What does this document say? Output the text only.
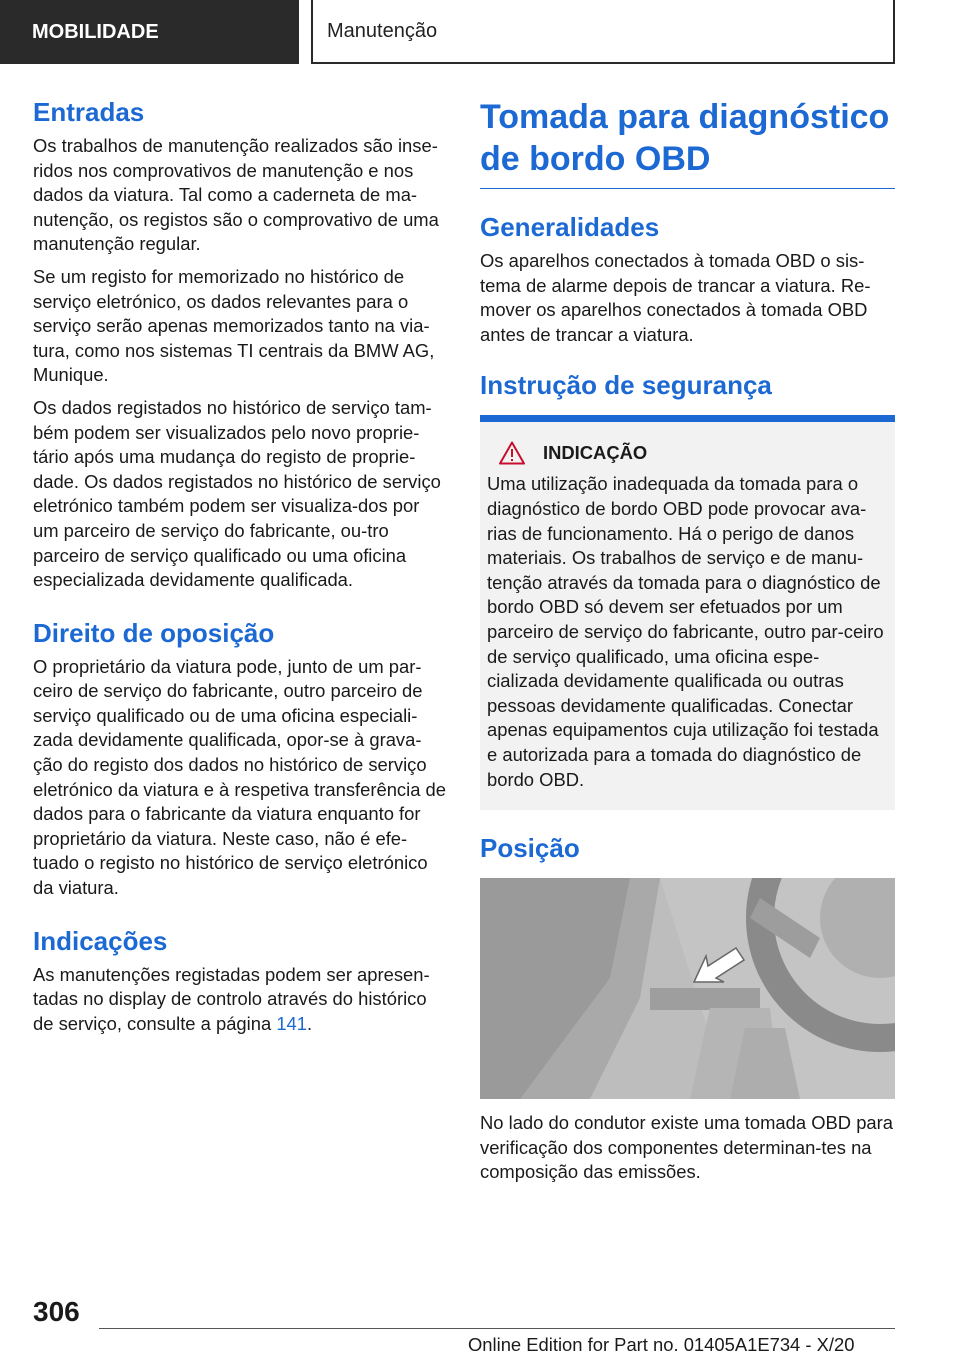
MOBILIDADE	Manutenção
Entradas

Os trabalhos de manutenção realizados são inse-ridos nos comprovativos de manutenção e nos dados da viatura. Tal como a caderneta de ma-nutenção, os registos são o comprovativo de uma manutenção regular.

Se um registo for memorizado no histórico de serviço eletrónico, os dados relevantes para o serviço serão apenas memorizados tanto na via-tura, como nos sistemas TI centrais da BMW AG, Munique.

Os dados registados no histórico de serviço tam-bém podem ser visualizados pelo novo proprie-tário após uma mudança do registo de proprie-dade. Os dados registados no histórico de serviço eletrónico também podem ser visualiza-dos por um parceiro de serviço do fabricante, ou-tro parceiro de serviço qualificado ou uma oficina especializada devidamente qualificada.

Direito de oposição

O proprietário da viatura pode, junto de um par-ceiro de serviço do fabricante, outro parceiro de serviço qualificado ou de uma oficina especiali-zada devidamente qualificada, opor-se à grava-ção do registo dos dados no histórico de serviço eletrónico da viatura e à respetiva transferência de dados para o fabricante da viatura enquanto for proprietário da viatura. Neste caso, não é efe-tuado o registo no histórico de serviço eletrónico da viatura.

Indicações

As manutenções registadas podem ser apresen-tadas no display de controlo através do histórico de serviço, consulte a página 141.

Tomada para diagnóstico de bordo OBD
Generalidades

Os aparelhos conectados à tomada OBD o sis-tema de alarme depois de trancar a viatura. Re-mover os aparelhos conectados à tomada OBD antes de trancar a viatura.

Instrução de segurança
INDICAÇÃO

Uma utilização inadequada da tomada para o diagnóstico de bordo OBD pode provocar ava-rias de funcionamento. Há o perigo de danos materiais. Os trabalhos de serviço e de manu-tenção através da tomada para o diagnóstico de bordo OBD só devem ser efetuados por um parceiro de serviço do fabricante, outro par-ceiro de serviço qualificado, uma oficina espe-cializada devidamente qualificada ou outras pessoas devidamente qualificadas. Conectar apenas equipamentos cuja utilização foi testada e autorizada para a tomada do diagnóstico de bordo OBD.

Posição

No lado do condutor existe uma tomada OBD para verificação dos componentes determinan-tes na composição das emissões.

306
Online Edition for Part no. 01405A1E734 - X/20
